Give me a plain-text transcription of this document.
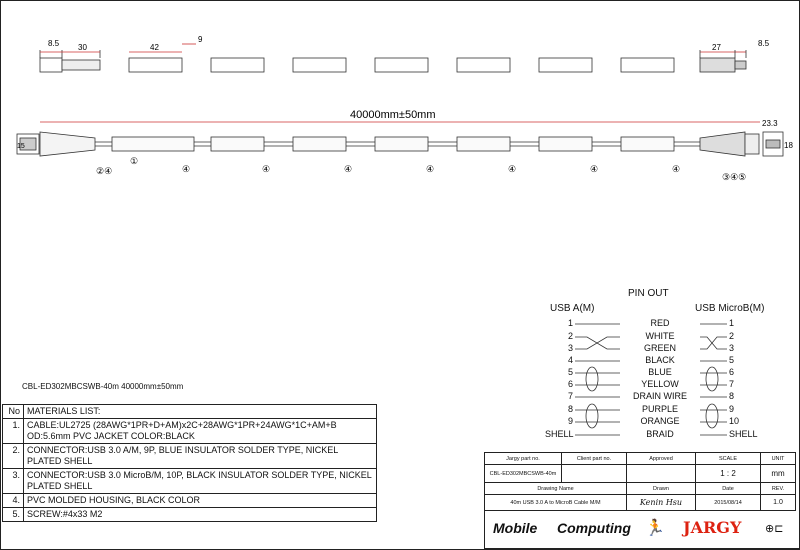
8.5 30	42
9
27	8.5
40000mm±50mm
15
23.3
18
②④
①
④	④	④	④	④	④	④
③④⑤
CBL-ED302MBCSWB-40m 40000mm±50mm
PIN OUT
USB A(M)	USB MicroB(M)
1	RED	1
2	WHITE	2
3	GREEN	3
4	BLACK	5
5	BLUE	6
6	YELLOW	7
7	DRAIN WIRE	8
8	PURPLE	9
9	ORANGE	10
SHELL	BRAID	SHELL
No	MATERIALS LIST:
1.	CABLE:UL2725 (28AWG*1PR+D+AM)x2C+28AWG*1PR+24AWG*1C+AM+B OD:5.6mm PVC JACKET COLOR:BLACK
2.	CONNECTOR:USB 3.0 A/M, 9P, BLUE INSULATOR SOLDER TYPE, NICKEL PLATED SHELL
3.	CONNECTOR:USB 3.0 MicroB/M, 10P, BLACK INSULATOR SOLDER TYPE, NICKEL PLATED SHELL
4.	PVC MOLDED HOUSING, BLACK COLOR
5.	SCREW:#4x33 M2
Jargy part no.	Client part no.	Approved	SCALE	UNIT
CBL-ED302MBCSWB-40m			1 : 2	mm
Drawing Name		Drawn	Date	REV.
40m USB 3.0 A to MicroB Cable M/M		Kenin Hsu	2015/08/14	1.0
Mobile Computing 🏃 JARGY ⊕⊏
